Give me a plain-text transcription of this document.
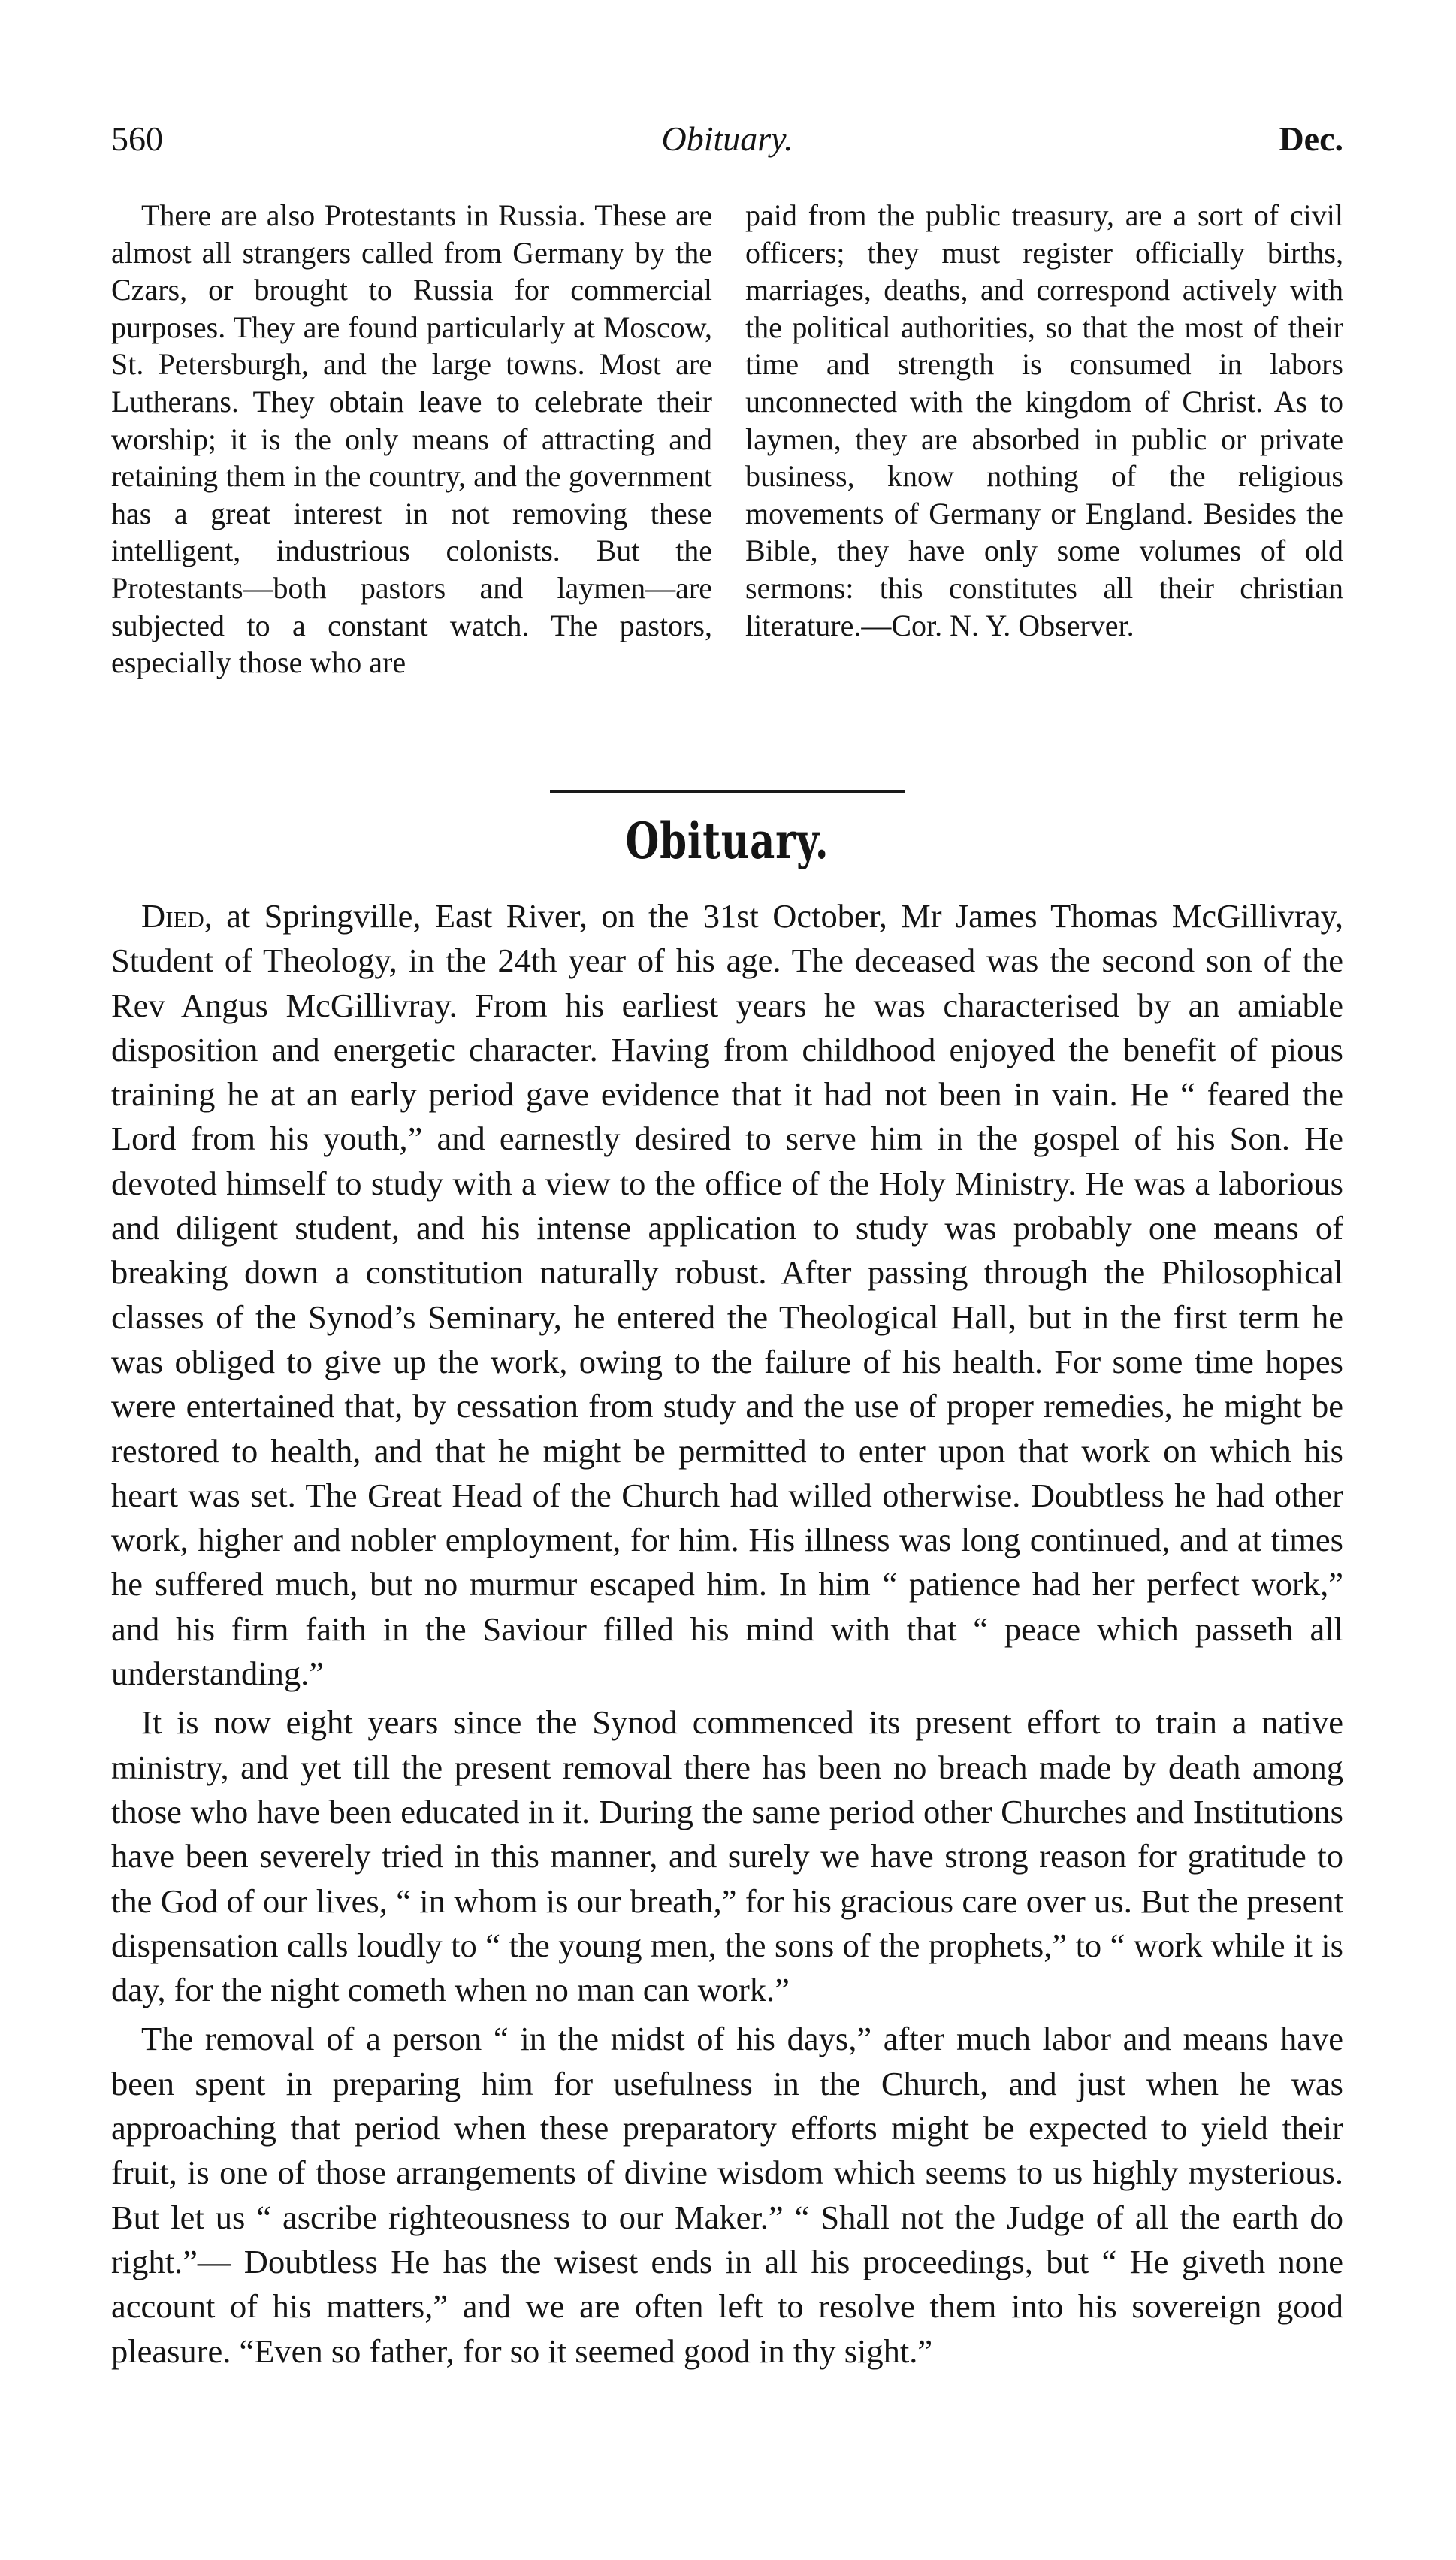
560	Obituary.	Dec.
There are also Protestants in Russia. These are almost all strangers called from Germany by the Czars, or brought to Russia for commercial purposes. They are found particularly at Moscow, St. Petersburgh, and the large towns. Most are Lutherans. They obtain leave to celebrate their worship; it is the only means of attracting and retaining them in the country, and the government has a great interest in not removing these intelligent, industrious colonists. But the Protestants—both pastors and laymen—are subjected to a constant watch. The pastors, especially those who are
paid from the public treasury, are a sort of civil officers; they must register officially births, marriages, deaths, and correspond actively with the political authorities, so that the most of their time and strength is consumed in labors unconnected with the kingdom of Christ. As to laymen, they are absorbed in public or private business, know nothing of the religious movements of Germany or England. Besides the Bible, they have only some volumes of old sermons: this constitutes all their christian literature.—Cor. N. Y. Observer.
Obituary.

Died, at Springville, East River, on the 31st October, Mr James Thomas McGillivray, Student of Theology, in the 24th year of his age. The deceased was the second son of the Rev Angus McGillivray. From his earliest years he was characterised by an amiable disposition and energetic character. Having from childhood enjoyed the benefit of pious training he at an early period gave evidence that it had not been in vain. He “ feared the Lord from his youth,” and earnestly desired to serve him in the gospel of his Son. He devoted himself to study with a view to the office of the Holy Ministry. He was a laborious and diligent student, and his intense application to study was probably one means of breaking down a constitution naturally robust. After passing through the Philosophical classes of the Synod’s Seminary, he entered the Theological Hall, but in the first term he was obliged to give up the work, owing to the failure of his health. For some time hopes were entertained that, by cessation from study and the use of proper remedies, he might be restored to health, and that he might be permitted to enter upon that work on which his heart was set. The Great Head of the Church had willed otherwise. Doubtless he had other work, higher and nobler employment, for him. His illness was long continued, and at times he suffered much, but no murmur escaped him. In him “ patience had her perfect work,” and his firm faith in the Saviour filled his mind with that “ peace which passeth all understanding.”

It is now eight years since the Synod commenced its present effort to train a native ministry, and yet till the present removal there has been no breach made by death among those who have been educated in it. During the same period other Churches and Institutions have been severely tried in this manner, and surely we have strong reason for gratitude to the God of our lives, “ in whom is our breath,” for his gracious care over us. But the present dispensation calls loudly to “ the young men, the sons of the prophets,” to “ work while it is day, for the night cometh when no man can work.”

The removal of a person “ in the midst of his days,” after much labor and means have been spent in preparing him for usefulness in the Church, and just when he was approaching that period when these preparatory efforts might be expected to yield their fruit, is one of those arrangements of divine wisdom which seems to us highly mysterious. But let us “ ascribe righteousness to our Maker.” “ Shall not the Judge of all the earth do right.”— Doubtless He has the wisest ends in all his proceedings, but “ He giveth none account of his matters,” and we are often left to resolve them into his sovereign good pleasure. “Even so father, for so it seemed good in thy sight.”
